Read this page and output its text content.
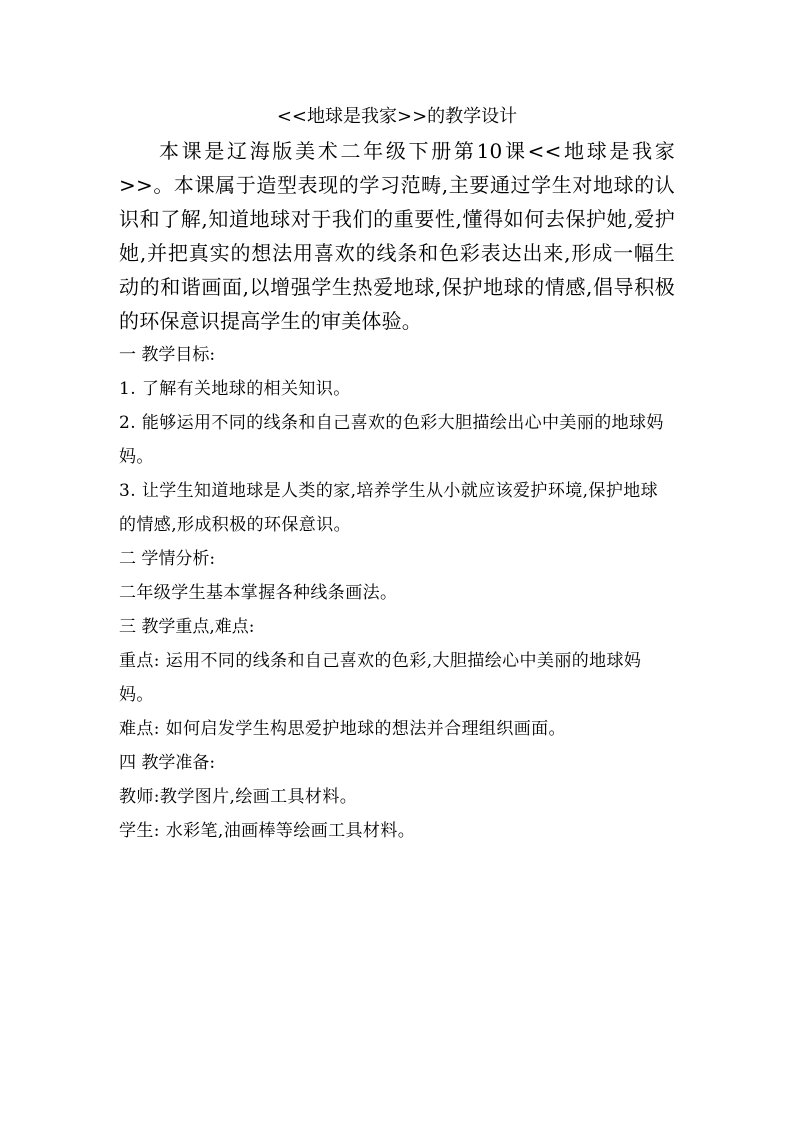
<<地球是我家>>的教学设计

本课是辽海版美术二年级下册第10课<<地球是我家>>。本课属于造型表现的学习范畴,主要通过学生对地球的认识和了解,知道地球对于我们的重要性,懂得如何去保护她,爱护她,并把真实的想法用喜欢的线条和色彩表达出来,形成一幅生动的和谐画面,以增强学生热爱地球,保护地球的情感,倡导积极的环保意识提高学生的审美体验。

一 教学目标:

1. 了解有关地球的相关知识。

2. 能够运用不同的线条和自己喜欢的色彩大胆描绘出心中美丽的地球妈妈。

3. 让学生知道地球是人类的家,培养学生从小就应该爱护环境,保护地球的情感,形成积极的环保意识。

二 学情分析:

二年级学生基本掌握各种线条画法。

三 教学重点,难点:

重点: 运用不同的线条和自己喜欢的色彩,大胆描绘心中美丽的地球妈妈。

难点: 如何启发学生构思爱护地球的想法并合理组织画面。

四 教学准备:

教师:教学图片,绘画工具材料。

学生: 水彩笔,油画棒等绘画工具材料。
